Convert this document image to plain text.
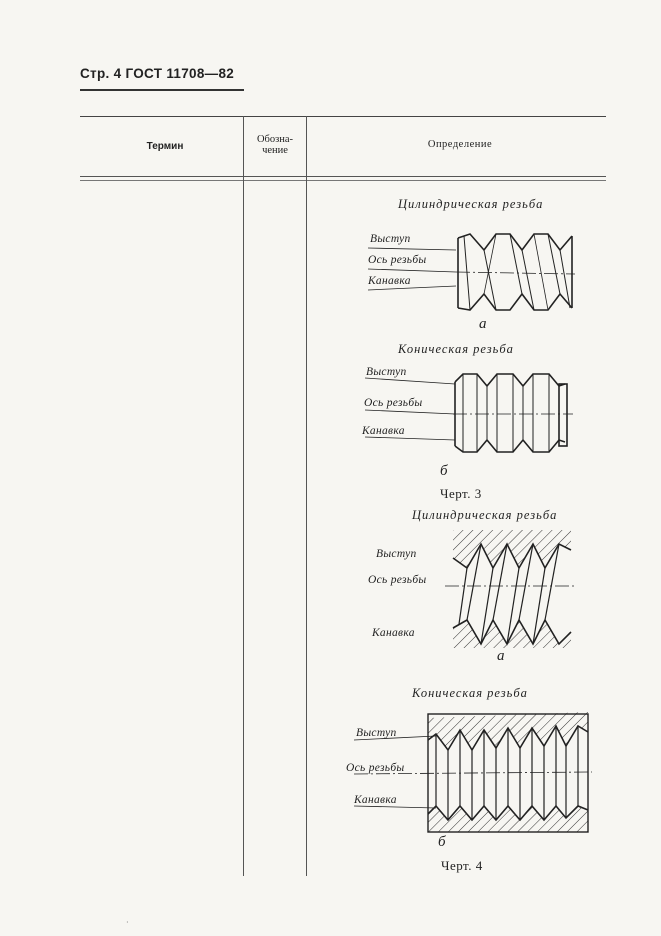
Стр. 4 ГОСТ 11708—82
Термин
Обозна-
чение
Определение
Цилиндрическая резьба
Выступ
Ось резьбы
Канавка
а
Коническая резьба
Выступ
Ось резьбы
Канавка
б
Черт. 3
Цилиндрическая резьба
Выступ
Ось резьбы
Канавка
а
Коническая резьба
Выступ
Ось резьбы
Канавка
б
Черт. 4
·
